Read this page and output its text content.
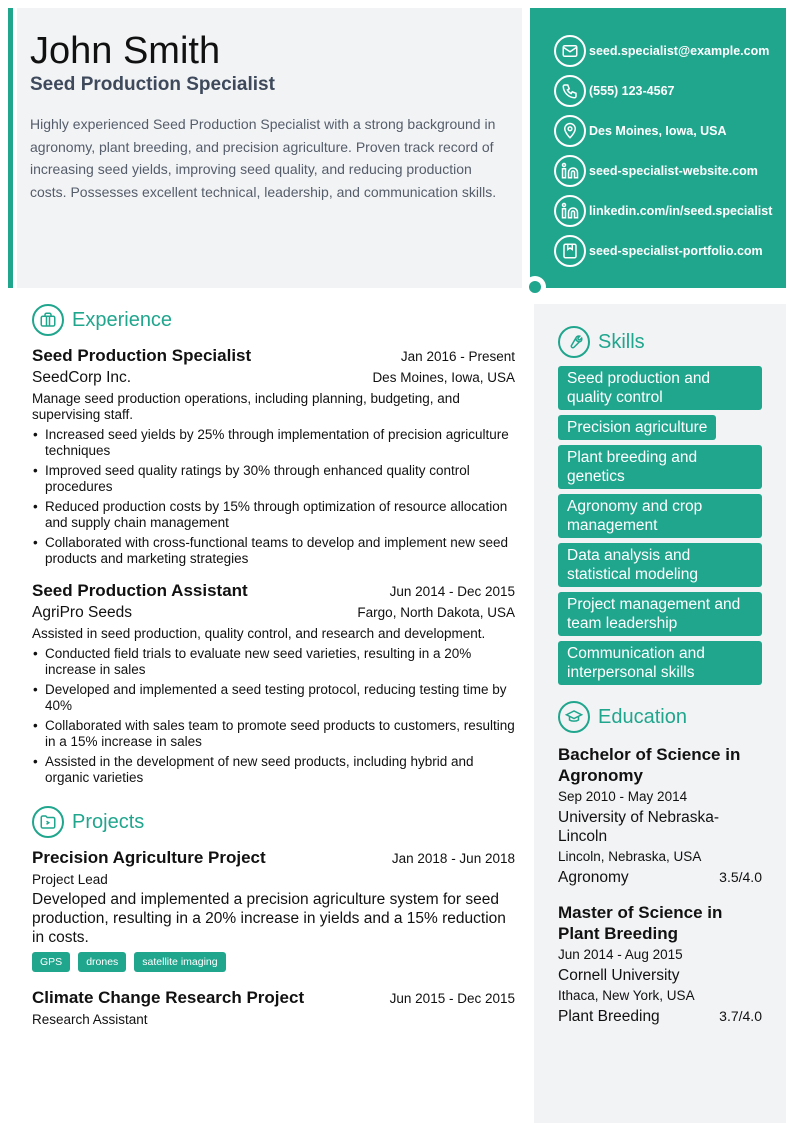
John Smith
Seed Production Specialist
Highly experienced Seed Production Specialist with a strong background in agronomy, plant breeding, and precision agriculture. Proven track record of increasing seed yields, improving seed quality, and reducing production costs. Possesses excellent technical, leadership, and communication skills.
seed.specialist@example.com
(555) 123-4567
Des Moines, Iowa, USA
seed-specialist-website.com
linkedin.com/in/seed.specialist
seed-specialist-portfolio.com
Experience
Seed Production Specialist	Jan 2016 - Present
SeedCorp Inc.	Des Moines, Iowa, USA
Manage seed production operations, including planning, budgeting, and supervising staff.
• Increased seed yields by 25% through implementation of precision agriculture techniques
• Improved seed quality ratings by 30% through enhanced quality control procedures
• Reduced production costs by 15% through optimization of resource allocation and supply chain management
• Collaborated with cross-functional teams to develop and implement new seed products and marketing strategies
Seed Production Assistant	Jun 2014 - Dec 2015
AgriPro Seeds	Fargo, North Dakota, USA
Assisted in seed production, quality control, and research and development.
• Conducted field trials to evaluate new seed varieties, resulting in a 20% increase in sales
• Developed and implemented a seed testing protocol, reducing testing time by 40%
• Collaborated with sales team to promote seed products to customers, resulting in a 15% increase in sales
• Assisted in the development of new seed products, including hybrid and organic varieties
Projects
Precision Agriculture Project	Jan 2018 - Jun 2018
Project Lead
Developed and implemented a precision agriculture system for seed production, resulting in a 20% increase in yields and a 15% reduction in costs.
GPS	drones	satellite imaging
Climate Change Research Project	Jun 2015 - Dec 2015
Research Assistant
Skills
Seed production and quality control
Precision agriculture
Plant breeding and genetics
Agronomy and crop management
Data analysis and statistical modeling
Project management and team leadership
Communication and interpersonal skills
Education
Bachelor of Science in Agronomy
Sep 2010 - May 2014
University of Nebraska-Lincoln
Lincoln, Nebraska, USA
Agronomy	3.5/4.0
Master of Science in Plant Breeding
Jun 2014 - Aug 2015
Cornell University
Ithaca, New York, USA
Plant Breeding	3.7/4.0
